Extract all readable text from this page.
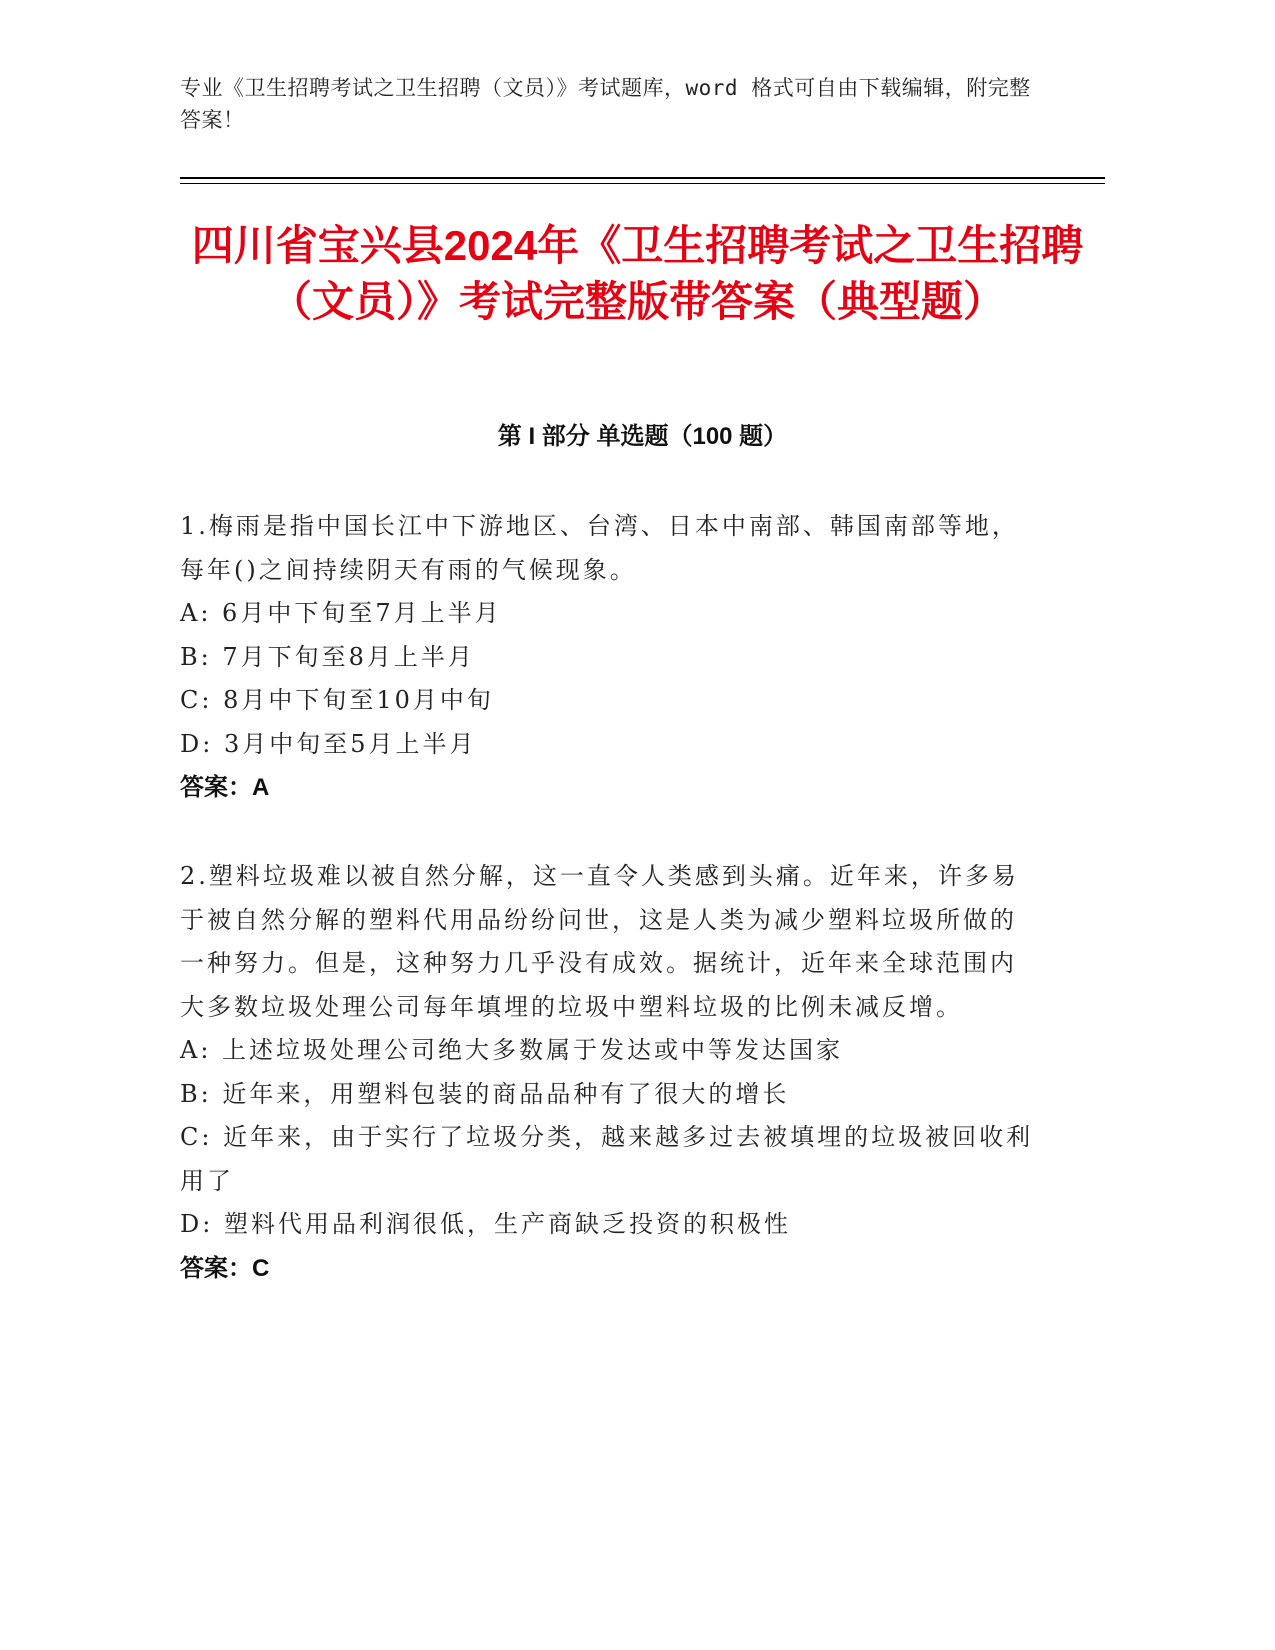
专业《卫生招聘考试之卫生招聘（文员）》考试题库，word 格式可自由下载编辑，附完整答案！
四川省宝兴县2024年《卫生招聘考试之卫生招聘（文员）》考试完整版带答案（典型题）
第 I 部分 单选题（100 题）

1.梅雨是指中国长江中下游地区、台湾、日本中南部、韩国南部等地，每年()之间持续阴天有雨的气候现象。

A: 6月中下旬至7月上半月

B: 7月下旬至8月上半月

C: 8月中下旬至10月中旬

D: 3月中旬至5月上半月

答案：A

2.塑料垃圾难以被自然分解，这一直令人类感到头痛。近年来，许多易于被自然分解的塑料代用品纷纷问世，这是人类为减少塑料垃圾所做的一种努力。但是，这种努力几乎没有成效。据统计，近年来全球范围内大多数垃圾处理公司每年填埋的垃圾中塑料垃圾的比例未减反增。

A: 上述垃圾处理公司绝大多数属于发达或中等发达国家

B: 近年来，用塑料包装的商品品种有了很大的增长

C: 近年来，由于实行了垃圾分类，越来越多过去被填埋的垃圾被回收利用了

D: 塑料代用品利润很低，生产商缺乏投资的积极性

答案：C
